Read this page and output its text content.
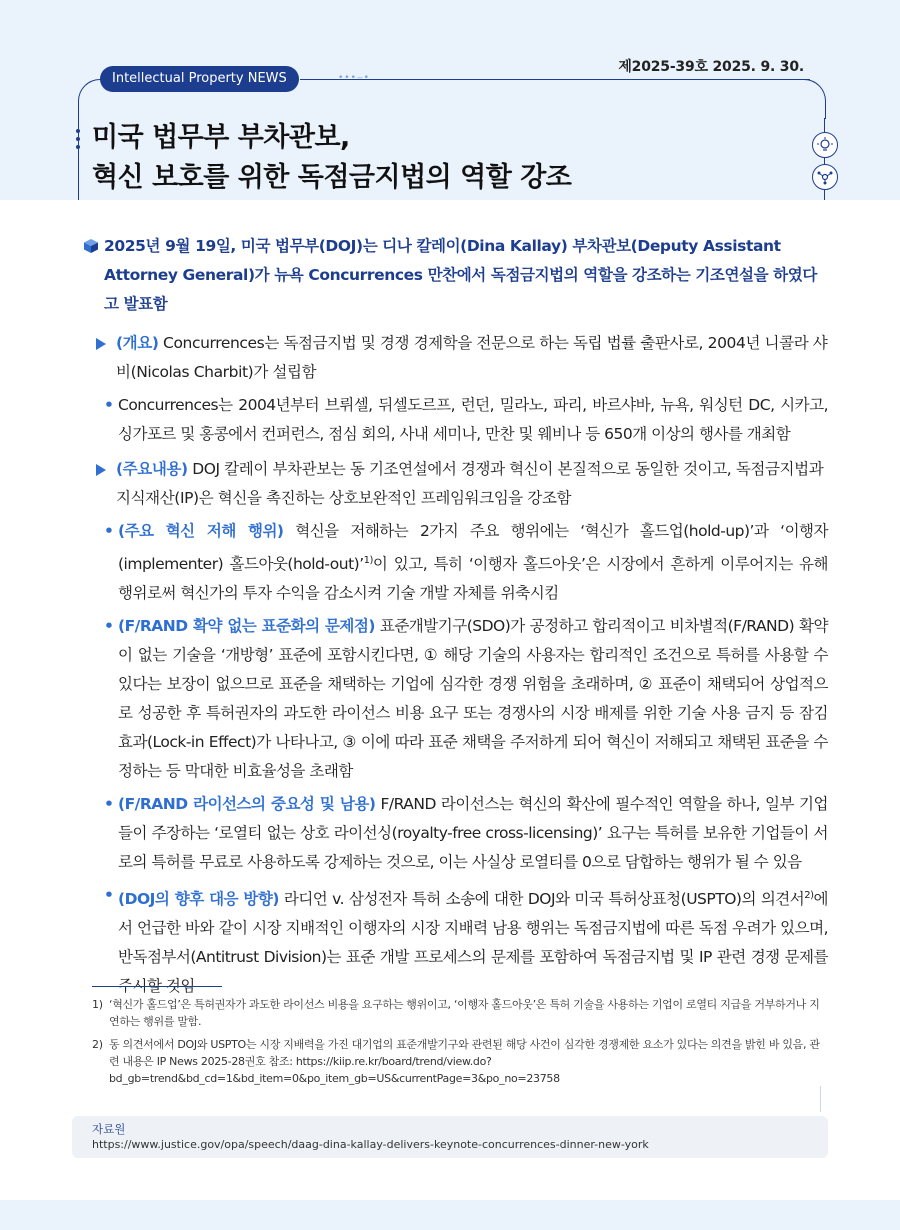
제2025-39호 2025. 9. 30.
•••‒•
Intellectual Property NEWS
미국 법무부 부차관보,
혁신 보호를 위한 독점금지법의 역할 강조
2025년 9월 19일, 미국 법무부(DOJ)는 디나 칼레이(Dina Kallay) 부차관보(Deputy Assistant Attorney General)가 뉴욕 Concurrences 만찬에서 독점금지법의 역할을 강조하는 기조연설을 하였다고 발표함
(개요) Concurrences는 독점금지법 및 경쟁 경제학을 전문으로 하는 독립 법률 출판사로, 2004년 니콜라 샤비(Nicolas Charbit)가 설립함
• Concurrences는 2004년부터 브뤼셀, 뒤셀도르프, 런던, 밀라노, 파리, 바르샤바, 뉴욕, 워싱턴 DC, 시카고, 싱가포르 및 홍콩에서 컨퍼런스, 점심 회의, 사내 세미나, 만찬 및 웨비나 등 650개 이상의 행사를 개최함
(주요내용) DOJ 칼레이 부차관보는 동 기조연설에서 경쟁과 혁신이 본질적으로 동일한 것이고, 독점금지법과 지식재산(IP)은 혁신을 촉진하는 상호보완적인 프레임워크임을 강조함
• (주요 혁신 저해 행위) 혁신을 저해하는 2가지 주요 행위에는 ‘혁신가 홀드업(hold-up)’과 ‘이행자(implementer) 홀드아웃(hold-out)’$^{1)}$이 있고, 특히 ‘이행자 홀드아웃’은 시장에서 흔하게 이루어지는 유해 행위로써 혁신가의 투자 수익을 감소시켜 기술 개발 자체를 위축시킴
• (F/RAND 확약 없는 표준화의 문제점) 표준개발기구(SDO)가 공정하고 합리적이고 비차별적(F/RAND) 확약이 없는 기술을 ‘개방형’ 표준에 포함시킨다면, ① 해당 기술의 사용자는 합리적인 조건으로 특허를 사용할 수 있다는 보장이 없으므로 표준을 채택하는 기업에 심각한 경쟁 위험을 초래하며, ② 표준이 채택되어 상업적으로 성공한 후 특허권자의 과도한 라이선스 비용 요구 또는 경쟁사의 시장 배제를 위한 기술 사용 금지 등 잠김 효과(Lock-in Effect)가 나타나고, ③ 이에 따라 표준 채택을 주저하게 되어 혁신이 저해되고 채택된 표준을 수정하는 등 막대한 비효율성을 초래함
• (F/RAND 라이선스의 중요성 및 남용) F/RAND 라이선스는 혁신의 확산에 필수적인 역할을 하나, 일부 기업들이 주장하는 ‘로열티 없는 상호 라이선싱(royalty-free cross-licensing)’ 요구는 특허를 보유한 기업들이 서로의 특허를 무료로 사용하도록 강제하는 것으로, 이는 사실상 로열티를 0으로 담합하는 행위가 될 수 있음
• (DOJ의 향후 대응 방향) 라디언 v. 삼성전자 특허 소송에 대한 DOJ와 미국 특허상표청(USPTO)의 의견서$^{2)}$에서 언급한 바와 같이 시장 지배적인 이행자의 시장 지배력 남용 행위는 독점금지법에 따른 독점 우려가 있으며, 반독점부서(Antitrust Division)는 표준 개발 프로세스의 문제를 포함하여 독점금지법 및 IP 관련 경쟁 문제를 주시할 것임
1) ‘혁신가 홀드업’은 특허권자가 과도한 라이선스 비용을 요구하는 행위이고, ‘이행자 홀드아웃’은 특허 기술을 사용하는 기업이 로열티 지급을 거부하거나 지연하는 행위를 말함.
2) 동 의견서에서 DOJ와 USPTO는 시장 지배력을 가진 대기업의 표준개발기구와 관련된 해당 사건이 심각한 경쟁제한 요소가 있다는 의견을 밝힌 바 있음, 관련 내용은 IP News 2025-28권호 참조: https://kiip.re.kr/board/trend/view.do?bd_gb=trend&bd_cd=1&bd_item=0&po_item_gb=US&currentPage=3&po_no=23758
자료원
https://www.justice.gov/opa/speech/daag-dina-kallay-delivers-keynote-concurrences-dinner-new-york
